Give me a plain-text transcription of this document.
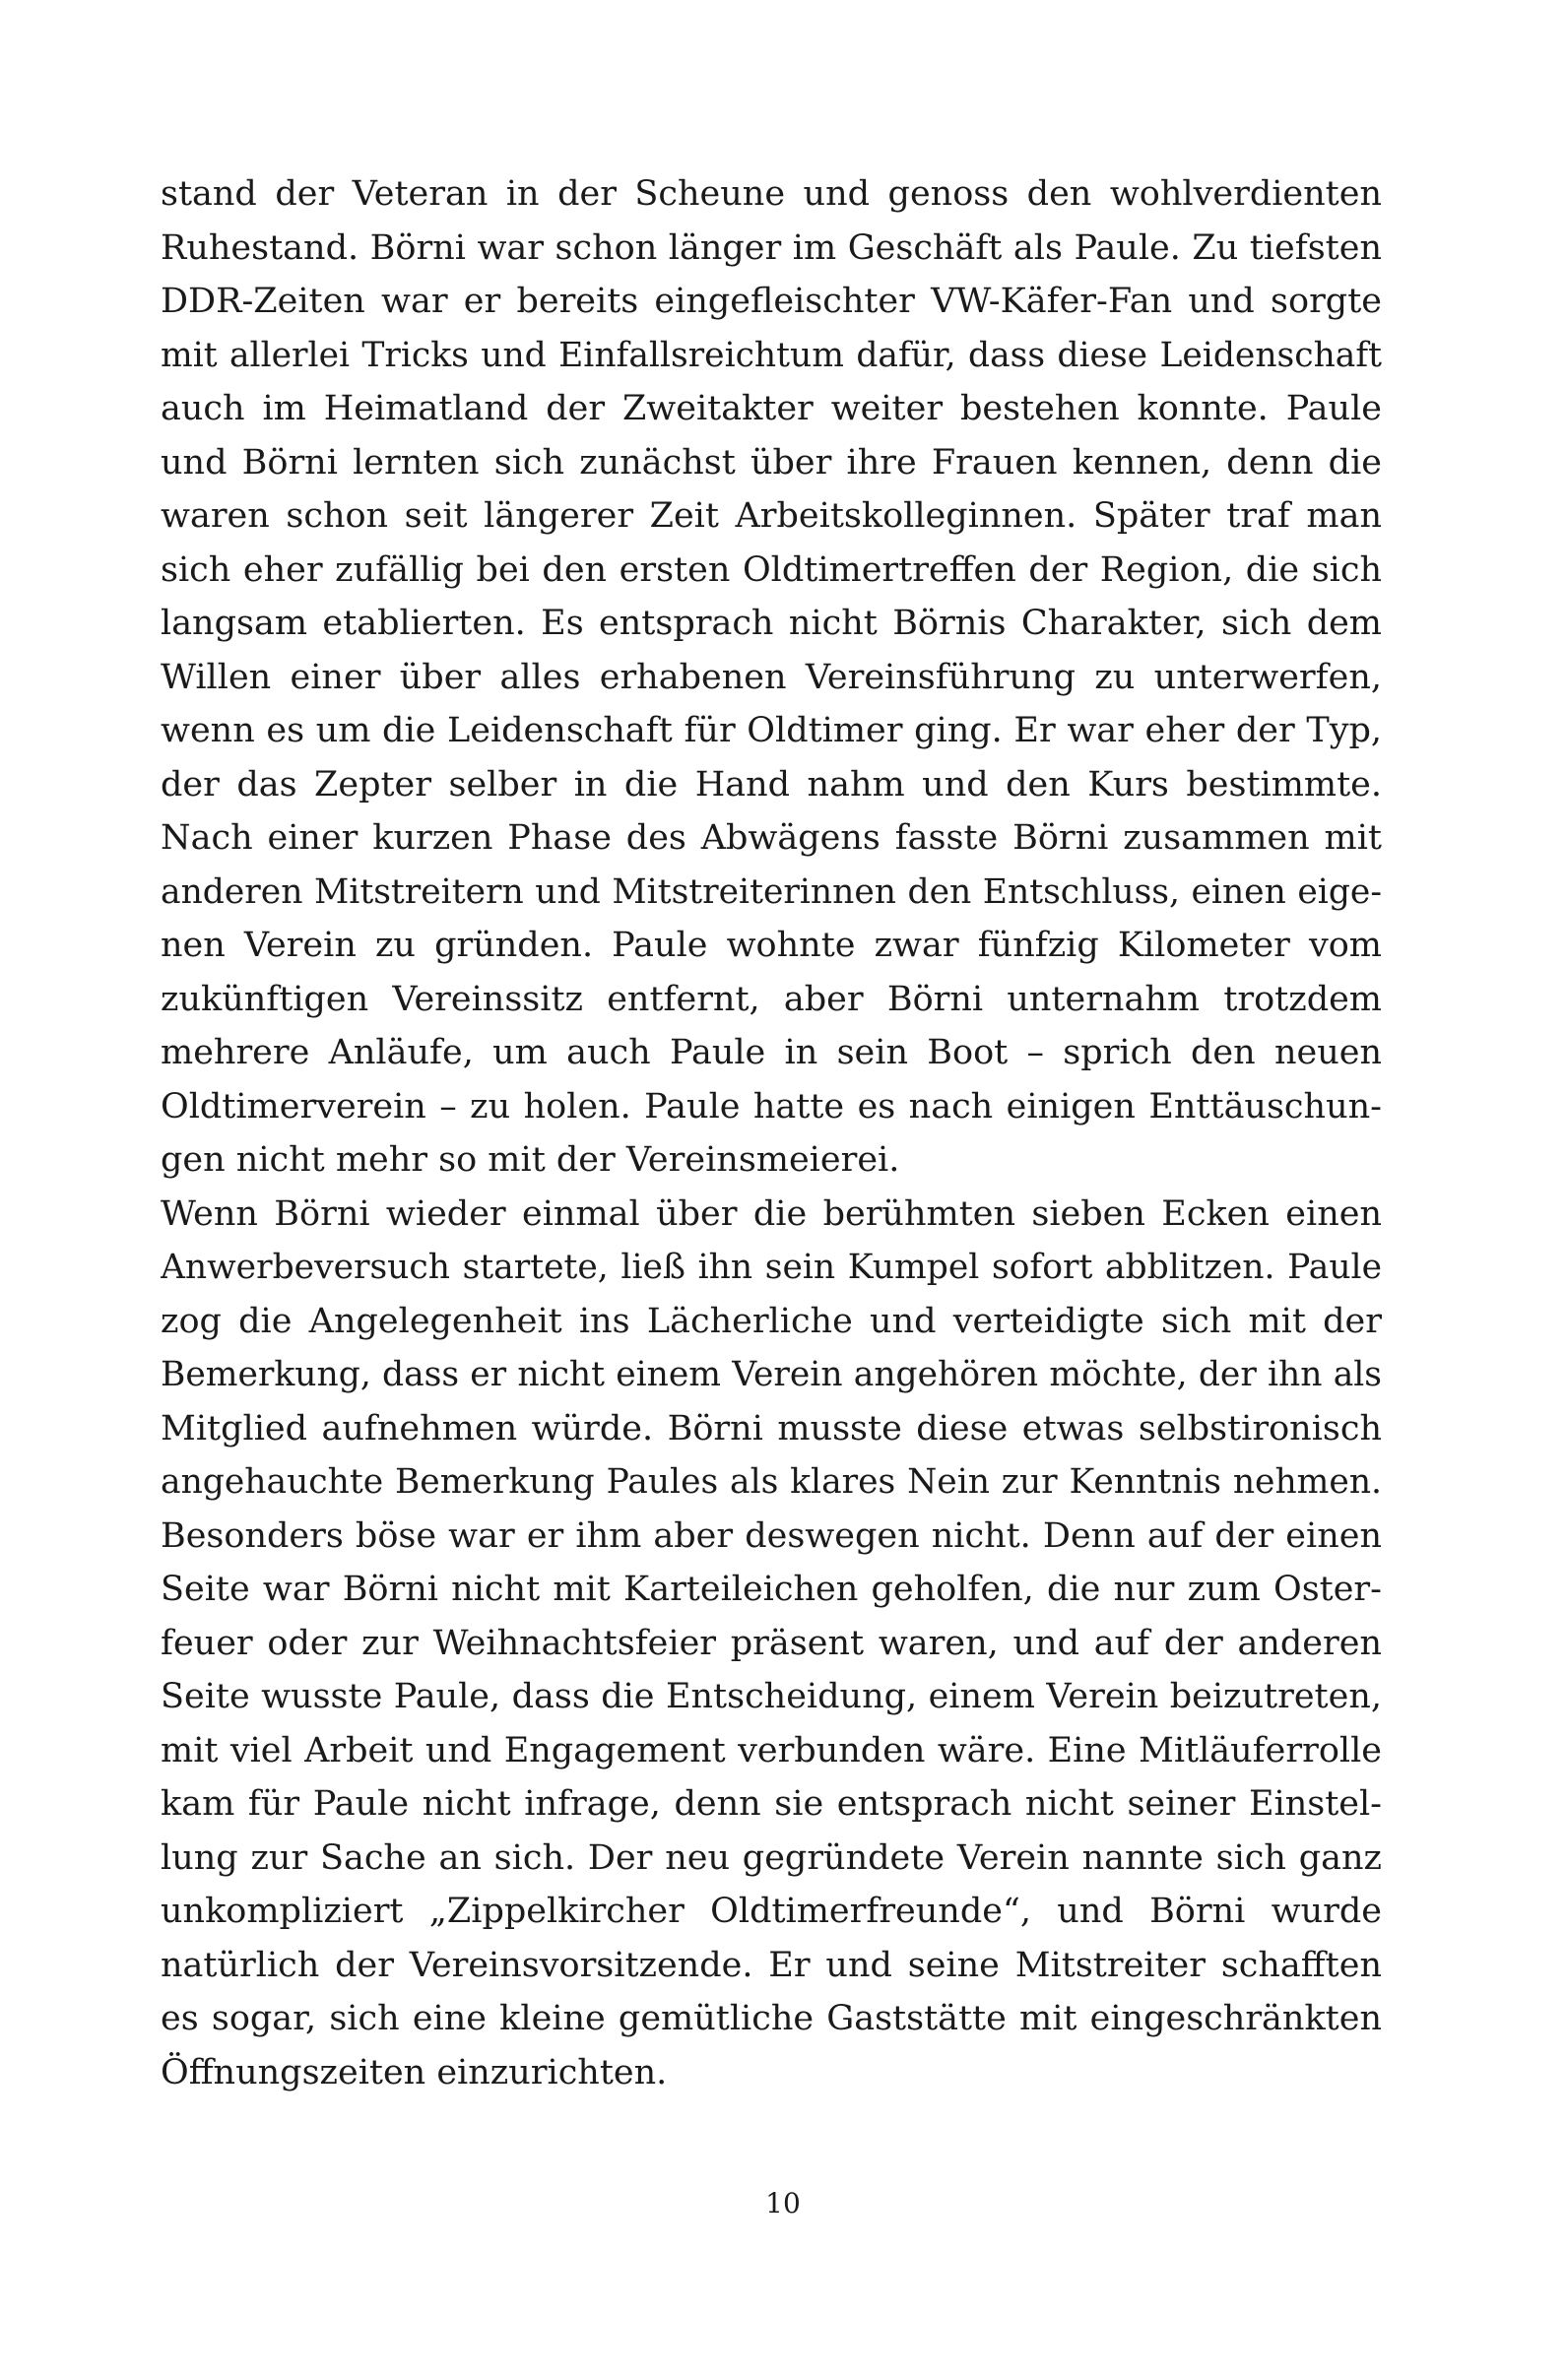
stand der Veteran in der Scheune und genoss den wohlverdienten
Ruhestand. Börni war schon länger im Geschäft als Paule. Zu tiefsten
DDR-Zeiten war er bereits eingefleischter VW-Käfer-Fan und sorgte
mit allerlei Tricks und Einfallsreichtum dafür, dass diese Leidenschaft
auch im Heimatland der Zweitakter weiter bestehen konnte. Paule
und Börni lernten sich zunächst über ihre Frauen kennen, denn die
waren schon seit längerer Zeit Arbeitskolleginnen. Später traf man
sich eher zufällig bei den ersten Oldtimertreffen der Region, die sich
langsam etablierten. Es entsprach nicht Börnis Charakter, sich dem
Willen einer über alles erhabenen Vereinsführung zu unterwerfen,
wenn es um die Leidenschaft für Oldtimer ging. Er war eher der Typ,
der das Zepter selber in die Hand nahm und den Kurs bestimmte.
Nach einer kurzen Phase des Abwägens fasste Börni zusammen mit
anderen Mitstreitern und Mitstreiterinnen den Entschluss, einen eige-
nen Verein zu gründen. Paule wohnte zwar fünfzig Kilometer vom
zukünftigen Vereinssitz entfernt, aber Börni unternahm trotzdem
mehrere Anläufe, um auch Paule in sein Boot – sprich den neuen
Oldtimerverein – zu holen. Paule hatte es nach einigen Enttäuschun-
gen nicht mehr so mit der Vereinsmeierei.
Wenn Börni wieder einmal über die berühmten sieben Ecken einen
Anwerbeversuch startete, ließ ihn sein Kumpel sofort abblitzen. Paule
zog die Angelegenheit ins Lächerliche und verteidigte sich mit der
Bemerkung, dass er nicht einem Verein angehören möchte, der ihn als
Mitglied aufnehmen würde. Börni musste diese etwas selbstironisch
angehauchte Bemerkung Paules als klares Nein zur Kenntnis nehmen.
Besonders böse war er ihm aber deswegen nicht. Denn auf der einen
Seite war Börni nicht mit Karteileichen geholfen, die nur zum Oster-
feuer oder zur Weihnachtsfeier präsent waren, und auf der anderen
Seite wusste Paule, dass die Entscheidung, einem Verein beizutreten,
mit viel Arbeit und Engagement verbunden wäre. Eine Mitläuferrolle
kam für Paule nicht infrage, denn sie entsprach nicht seiner Einstel-
lung zur Sache an sich. Der neu gegründete Verein nannte sich ganz
unkompliziert „Zippelkircher Oldtimerfreunde“, und Börni wurde
natürlich der Vereinsvorsitzende. Er und seine Mitstreiter schafften
es sogar, sich eine kleine gemütliche Gaststätte mit eingeschränkten
Öffnungszeiten einzurichten.
10
